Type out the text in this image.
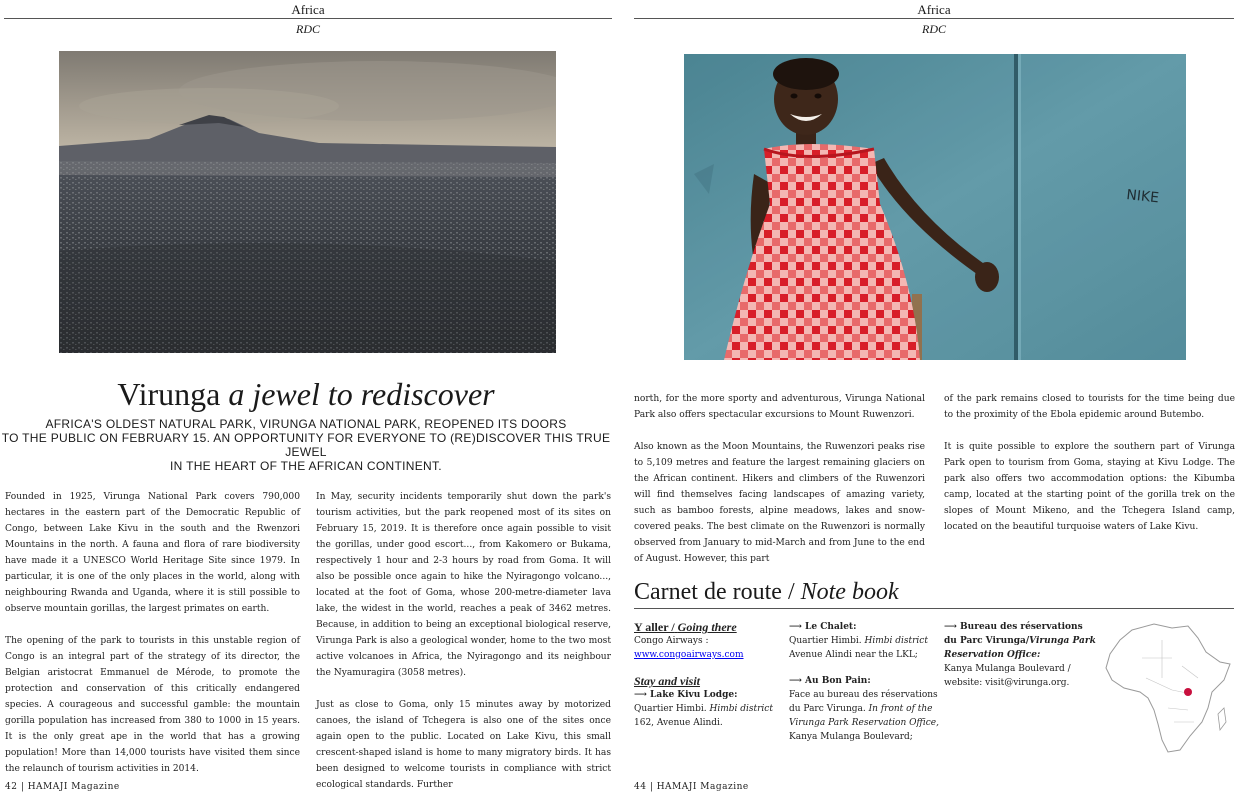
Africa
RDC
Virunga a jewel to rediscover
AFRICA'S OLDEST NATURAL PARK, VIRUNGA NATIONAL PARK, REOPENED ITS DOORS
TO THE PUBLIC ON FEBRUARY 15. AN OPPORTUNITY FOR EVERYONE TO (RE)DISCOVER THIS TRUE JEWEL
IN THE HEART OF THE AFRICAN CONTINENT.

Founded in 1925, Virunga National Park covers 790,000 hectares in the eastern part of the Democratic Republic of Congo, between Lake Kivu in the south and the Rwenzori Mountains in the north. A fauna and flora of rare biodiversity have made it a UNESCO World Heritage Site since 1979. In particular, it is one of the only places in the world, along with neighbouring Rwanda and Uganda, where it is still possible to observe mountain gorillas, the largest primates on earth.

The opening of the park to tourists in this unstable region of Congo is an integral part of the strategy of its director, the Belgian aristocrat Emmanuel de Mérode, to promote the protection and conservation of this critically endangered species. A courageous and successful gamble: the mountain gorilla population has increased from 380 to 1000 in 15 years. It is the only great ape in the world that has a growing population! More than 14,000 tourists have visited them since the relaunch of tourism activities in 2014.

In May, security incidents temporarily shut down the park's tourism activities, but the park reopened most of its sites on February 15, 2019. It is therefore once again possible to visit the gorillas, under good escort..., from Kakomero or Bukama, respectively 1 hour and 2-3 hours by road from Goma. It will also be possible once again to hike the Nyiragongo volcano..., located at the foot of Goma, whose 200-metre-diameter lava lake, the widest in the world, reaches a peak of 3462 metres. Because, in addition to being an exceptional biological reserve, Virunga Park is also a geological wonder, home to the two most active volcanoes in Africa, the Nyiragongo and its neighbour the Nyamuragira (3058 metres).

Just as close to Goma, only 15 minutes away by motorized canoes, the island of Tchegera is also one of the sites once again open to the public. Located on Lake Kivu, this small crescent-shaped island is home to many migratory birds. It has been designed to welcome tourists in compliance with strict ecological standards. Further

42 | HAMAJI Magazine
Africa
RDC
NIKE

north, for the more sporty and adventurous, Virunga National Park also offers spectacular excursions to Mount Ruwenzori.

Also known as the Moon Mountains, the Ruwenzori peaks rise to 5,109 metres and feature the largest remaining glaciers on the African continent. Hikers and climbers of the Ruwenzori will find themselves facing landscapes of amazing variety, such as bamboo forests, alpine meadows, lakes and snow-covered peaks. The best climate on the Ruwenzori is normally observed from January to mid-March and from June to the end of August. However, this part

of the park remains closed to tourists for the time being due to the proximity of the Ebola epidemic around Butembo.

It is quite possible to explore the southern part of Virunga Park open to tourism from Goma, staying at Kivu Lodge. The park also offers two accommodation options: the Kibumba camp, located at the starting point of the gorilla trek on the slopes of Mount Mikeno, and the Tchegera Island camp, located on the beautiful turquoise waters of Lake Kivu.

Carnet de route / Note book
Y aller / Going there
Congo Airways :
www.congoairways.com
Stay and visit
⟶ Lake Kivu Lodge:
Quartier Himbi. Himbi district
162, Avenue Alindi.
⟶ Le Chalet:
Quartier Himbi. Himbi district
Avenue Alindi near the LKL;
⟶ Au Bon Pain:
Face au bureau des réservations
du Parc Virunga. In front of the
Virunga Park Reservation Office,
Kanya Mulanga Boulevard;
⟶ Bureau des réservations
du Parc Virunga/Virunga Park
Reservation Office:
Kanya Mulanga Boulevard /
website: visit@virunga.org.
44 | HAMAJI Magazine
